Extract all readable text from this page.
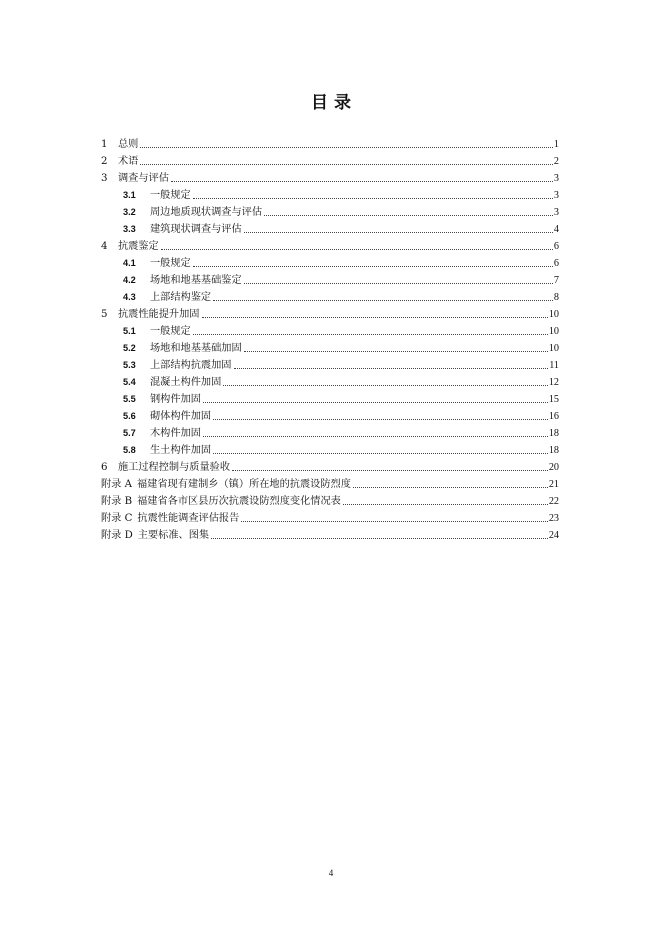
目 录
1	总则	1
2	术语	2
3	调查与评估	3
3.1	一般规定	3
3.2	周边地质现状调查与评估	3
3.3	建筑现状调查与评估	4
4	抗震鉴定	6
4.1	一般规定	6
4.2	场地和地基基础鉴定	7
4.3	上部结构鉴定	8
5	抗震性能提升加固	10
5.1	一般规定	10
5.2	场地和地基基础加固	10
5.3	上部结构抗震加固	11
5.4	混凝土构件加固	12
5.5	钢构件加固	15
5.6	砌体构件加固	16
5.7	木构件加固	18
5.8	生土构件加固	18
6	施工过程控制与质量验收	20
附录 A 福建省现有建制乡（镇）所在地的抗震设防烈度	21
附录 B 福建省各市区县历次抗震设防烈度变化情况表	22
附录 C 抗震性能调查评估报告	23
附录 D 主要标准、图集	24
4
